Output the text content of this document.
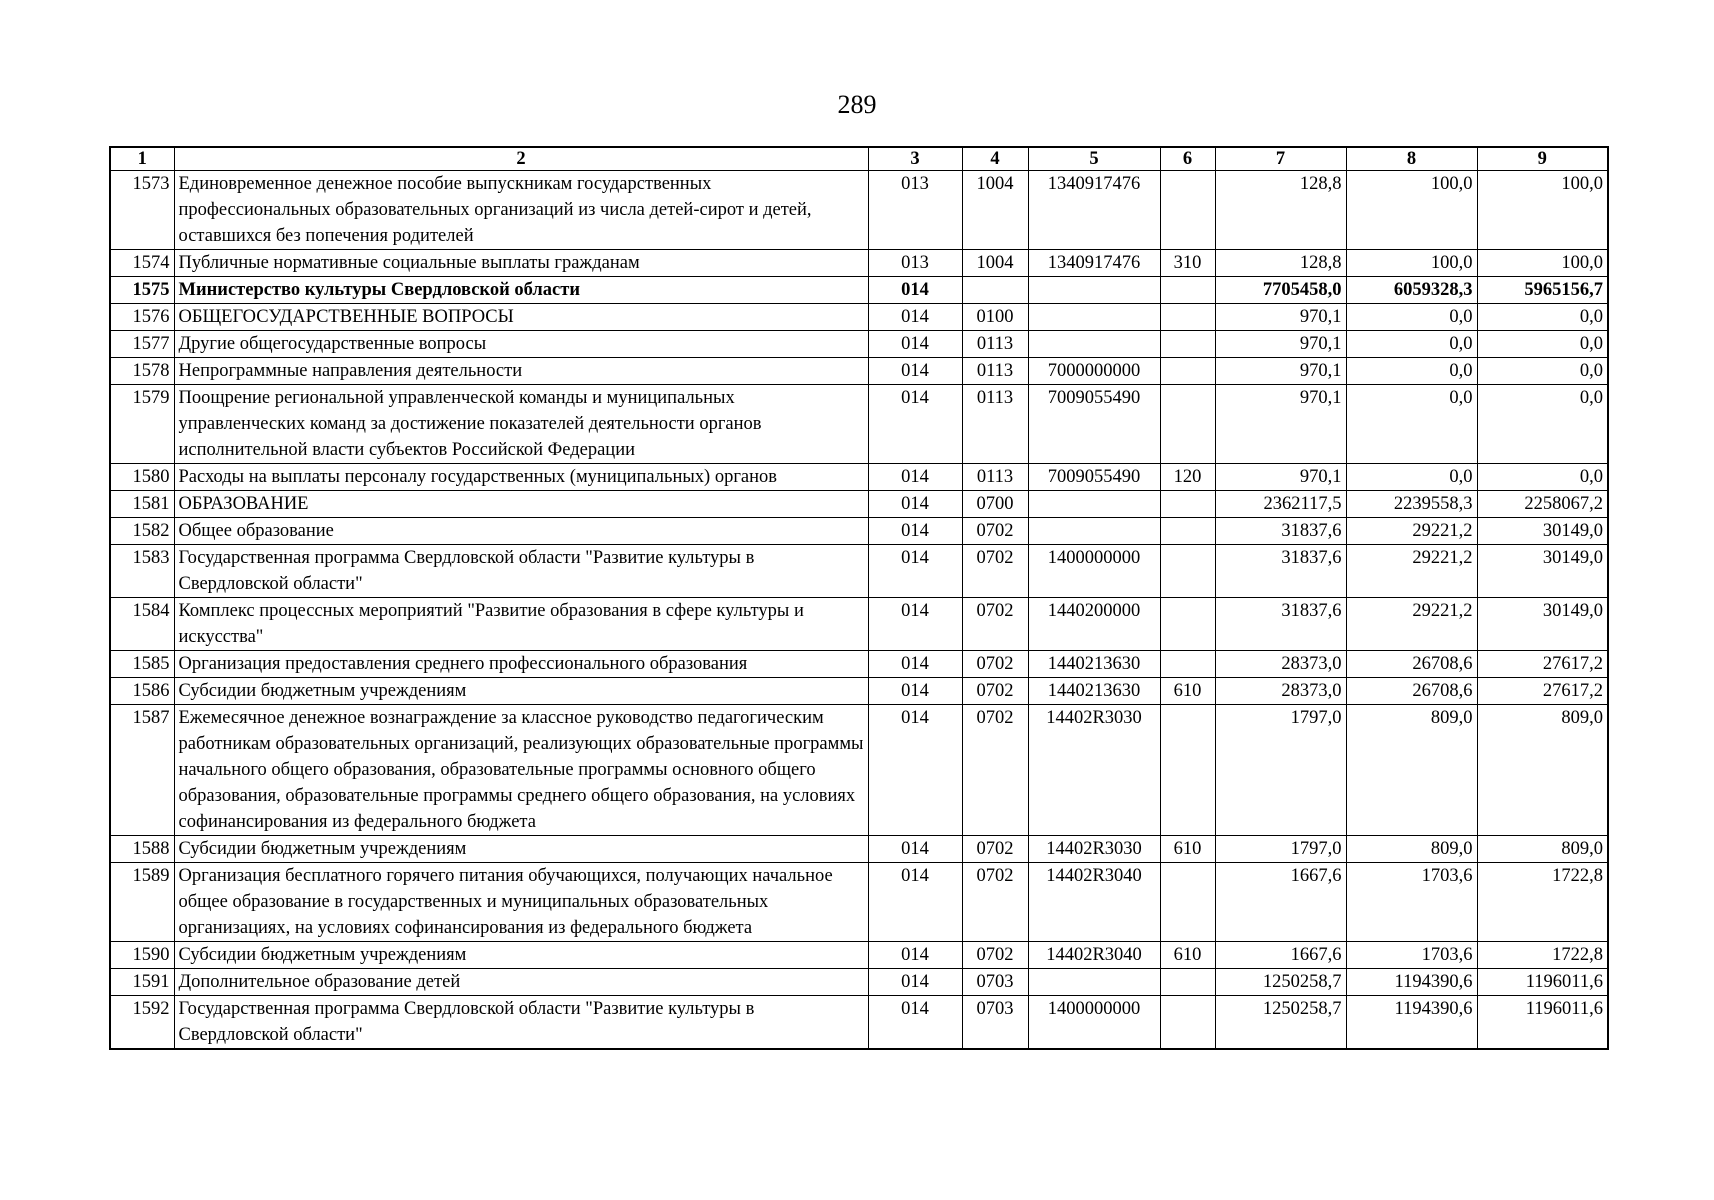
289
1	2	3	4	5	6	7	8	9
1573	Единовременное денежное пособие выпускникам государственных профессиональных образовательных организаций из числа детей-сирот и детей, оставшихся без попечения родителей	013	1004	1340917476		128,8	100,0	100,0
1574	Публичные нормативные социальные выплаты гражданам	013	1004	1340917476	310	128,8	100,0	100,0
1575	Министерство культуры Свердловской области	014				7705458,0	6059328,3	5965156,7
1576	ОБЩЕГОСУДАРСТВЕННЫЕ ВОПРОСЫ	014	0100			970,1	0,0	0,0
1577	Другие общегосударственные вопросы	014	0113			970,1	0,0	0,0
1578	Непрограммные направления деятельности	014	0113	7000000000		970,1	0,0	0,0
1579	Поощрение региональной управленческой команды и муниципальных управленческих команд за достижение показателей деятельности органов исполнительной власти субъектов Российской Федерации	014	0113	7009055490		970,1	0,0	0,0
1580	Расходы на выплаты персоналу государственных (муниципальных) органов	014	0113	7009055490	120	970,1	0,0	0,0
1581	ОБРАЗОВАНИЕ	014	0700			2362117,5	2239558,3	2258067,2
1582	Общее образование	014	0702			31837,6	29221,2	30149,0
1583	Государственная программа Свердловской области "Развитие культуры в Свердловской области"	014	0702	1400000000		31837,6	29221,2	30149,0
1584	Комплекс процессных мероприятий "Развитие образования в сфере культуры и искусства"	014	0702	1440200000		31837,6	29221,2	30149,0
1585	Организация предоставления среднего профессионального образования	014	0702	1440213630		28373,0	26708,6	27617,2
1586	Субсидии бюджетным учреждениям	014	0702	1440213630	610	28373,0	26708,6	27617,2
1587	Ежемесячное денежное вознаграждение за классное руководство педагогическим работникам образовательных организаций, реализующих образовательные программы начального общего образования, образовательные программы основного общего образования, образовательные программы среднего общего образования, на условиях софинансирования из федерального бюджета	014	0702	14402R3030		1797,0	809,0	809,0
1588	Субсидии бюджетным учреждениям	014	0702	14402R3030	610	1797,0	809,0	809,0
1589	Организация бесплатного горячего питания обучающихся, получающих начальное общее образование в государственных и муниципальных образовательных организациях, на условиях софинансирования из федерального бюджета	014	0702	14402R3040		1667,6	1703,6	1722,8
1590	Субсидии бюджетным учреждениям	014	0702	14402R3040	610	1667,6	1703,6	1722,8
1591	Дополнительное образование детей	014	0703			1250258,7	1194390,6	1196011,6
1592	Государственная программа Свердловской области "Развитие культуры в Свердловской области"	014	0703	1400000000		1250258,7	1194390,6	1196011,6
